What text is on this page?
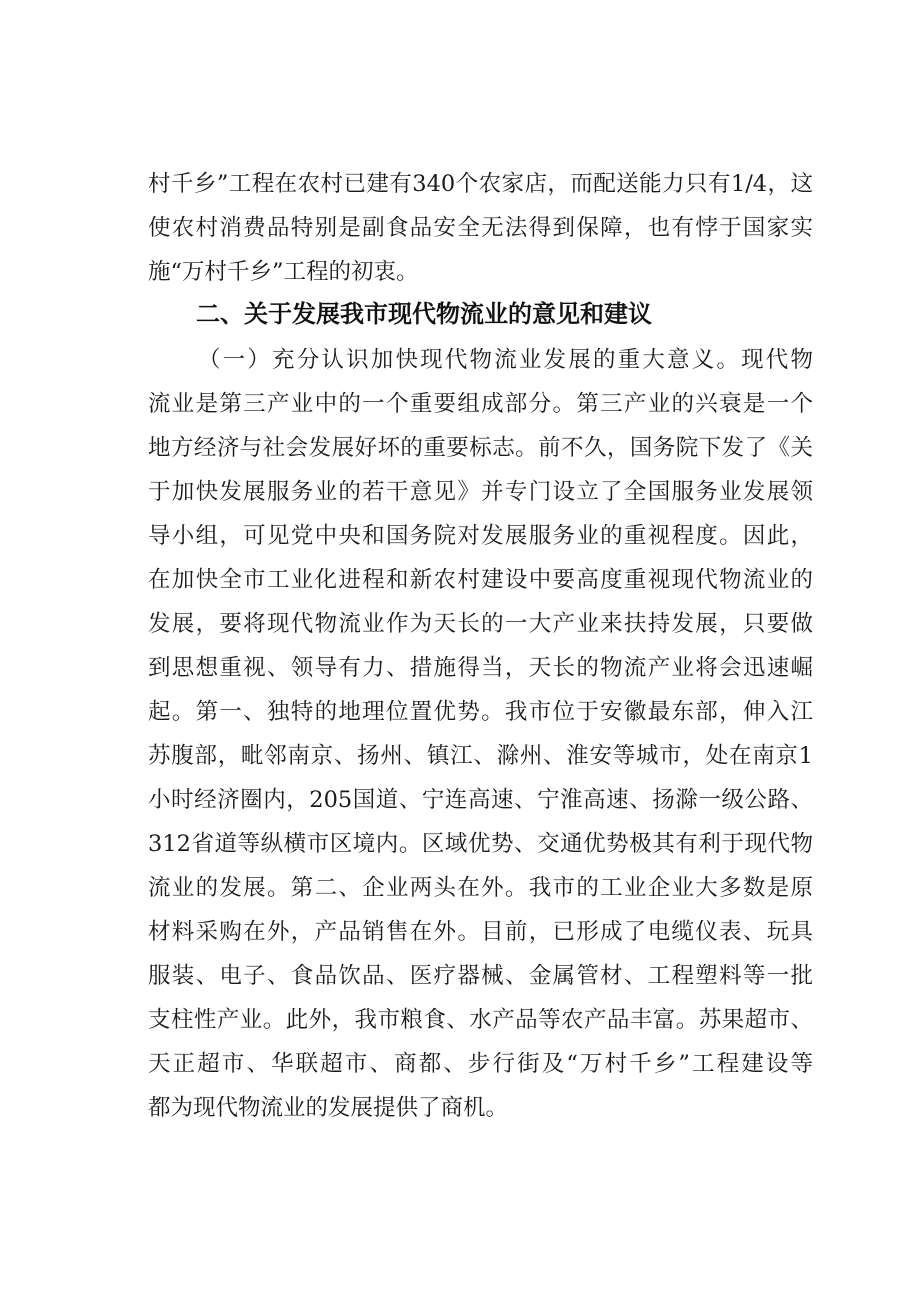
村千乡”工程在农村已建有340个农家店，而配送能力只有1/4，这
使农村消费品特别是副食品安全无法得到保障，也有悖于国家实
施“万村千乡”工程的初衷。
二、关于发展我市现代物流业的意见和建议
（一）充分认识加快现代物流业发展的重大意义。现代物
流业是第三产业中的一个重要组成部分。第三产业的兴衰是一个
地方经济与社会发展好坏的重要标志。前不久，国务院下发了《关
于加快发展服务业的若干意见》并专门设立了全国服务业发展领
导小组，可见党中央和国务院对发展服务业的重视程度。因此，
在加快全市工业化进程和新农村建设中要高度重视现代物流业的
发展，要将现代物流业作为天长的一大产业来扶持发展，只要做
到思想重视、领导有力、措施得当，天长的物流产业将会迅速崛
起。第一、独特的地理位置优势。我市位于安徽最东部，伸入江
苏腹部，毗邻南京、扬州、镇江、滁州、淮安等城市，处在南京1
小时经济圈内，205国道、宁连高速、宁淮高速、扬滁一级公路、
312省道等纵横市区境内。区域优势、交通优势极其有利于现代物
流业的发展。第二、企业两头在外。我市的工业企业大多数是原
材料采购在外，产品销售在外。目前，已形成了电缆仪表、玩具
服装、电子、食品饮品、医疗器械、金属管材、工程塑料等一批
支柱性产业。此外，我市粮食、水产品等农产品丰富。苏果超市、
天正超市、华联超市、商都、步行街及“万村千乡”工程建设等
都为现代物流业的发展提供了商机。
